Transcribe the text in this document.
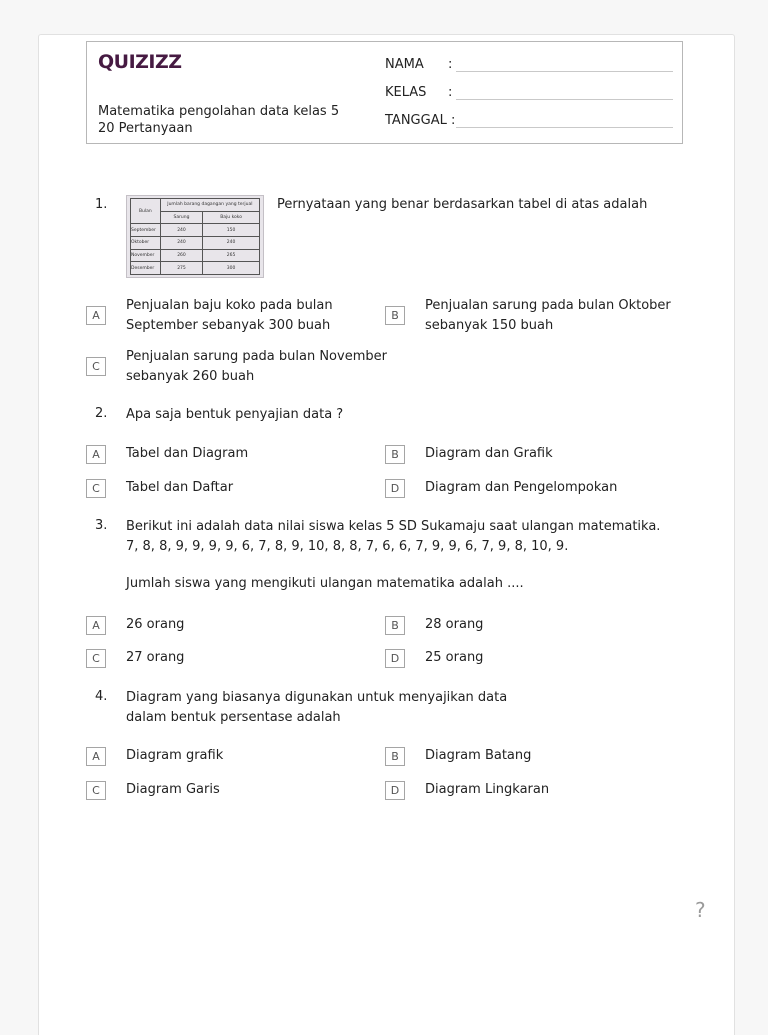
QUIZIZZ
Matematika pengolahan data kelas 5
20 Pertanyaan
NAMA :
KELAS :
TANGGAL :
1.	Bulan	Jumlah barang dagangan yang terjual	
	Sarung	Baju koko
September	240	150
Oktober	240	240
November	260	265
Desember	275	300
Pernyataan yang benar berdasarkan tabel di atas adalah
A
Penjualan baju koko pada bulan
September sebanyak 300 buah
B
Penjualan sarung pada bulan Oktober
sebanyak 150 buah
C
Penjualan sarung pada bulan November
sebanyak 260 buah
2. Apa saja bentuk penyajian data ?
A	Tabel dan Diagram	B	Diagram dan Grafik
C	Tabel dan Daftar	D	Diagram dan Pengelompokan
3. Berikut ini adalah data nilai siswa kelas 5 SD Sukamaju saat ulangan matematika.
7, 8, 8, 9, 9, 9, 9, 6, 7, 8, 9, 10, 8, 8, 7, 6, 6, 7, 9, 9, 6, 7, 9, 8, 10, 9.
Jumlah siswa yang mengikuti ulangan matematika adalah ....
A	26 orang	B	28 orang
C	27 orang	D	25 orang
4. Diagram yang biasanya digunakan untuk menyajikan data
dalam bentuk persentase adalah
A	Diagram grafik	B	Diagram Batang
C	Diagram Garis	D	Diagram Lingkaran
?
